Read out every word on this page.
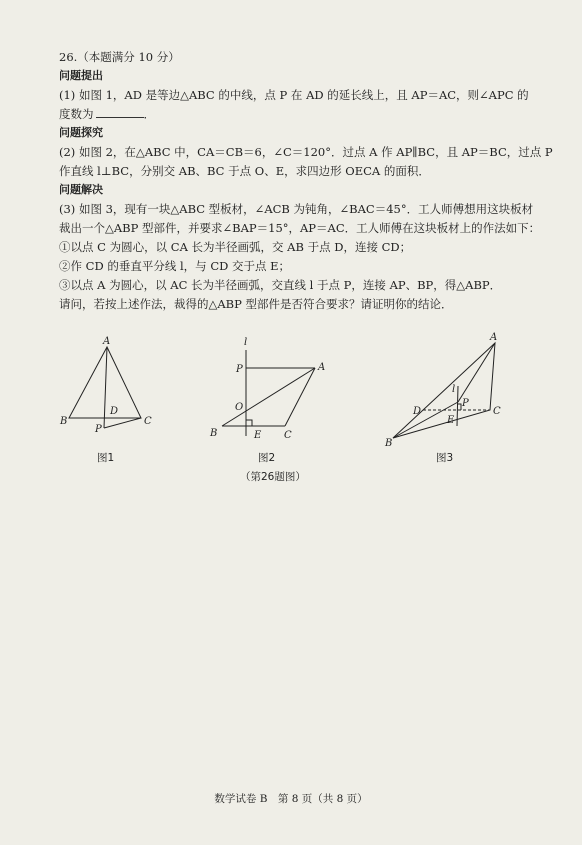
26.（本题满分 10 分）
问题提出
(1) 如图 1，AD 是等边△ABC 的中线，点 P 在 AD 的延长线上，且 AP＝AC，则∠APC 的
度数为	．
问题探究
(2) 如图 2，在△ABC 中，CA＝CB＝6，∠C＝120°．过点 A 作 AP∥BC，且 AP＝BC，过点 P
作直线 l⊥BC，分别交 AB、BC 于点 O、E，求四边形 OECA 的面积．
问题解决
(3) 如图 3，现有一块△ABC 型板材，∠ACB 为钝角，∠BAC＝45°．工人师傅想用这块板材
裁出一个△ABP 型部件，并要求∠BAP＝15°，AP＝AC．工人师傅在这块板材上的作法如下：
①以点 C 为圆心，以 CA 长为半径画弧，交 AB 于点 D，连接 CD；
②作 CD 的垂直平分线 l，与 CD 交于点 E；
③以点 A 为圆心，以 AC 长为半径画弧，交直线 l 于点 P，连接 AP、BP，得△ABP．
请问，若按上述作法，裁得的△ABP 型部件是否符合要求？请证明你的结论．
A
B	C
D
P
l
P	A
O
B	E C
A
l
P
D
E
C
B
图1	图2	图3
（第26题图）
数学试卷 B　第 8 页（共 8 页）
